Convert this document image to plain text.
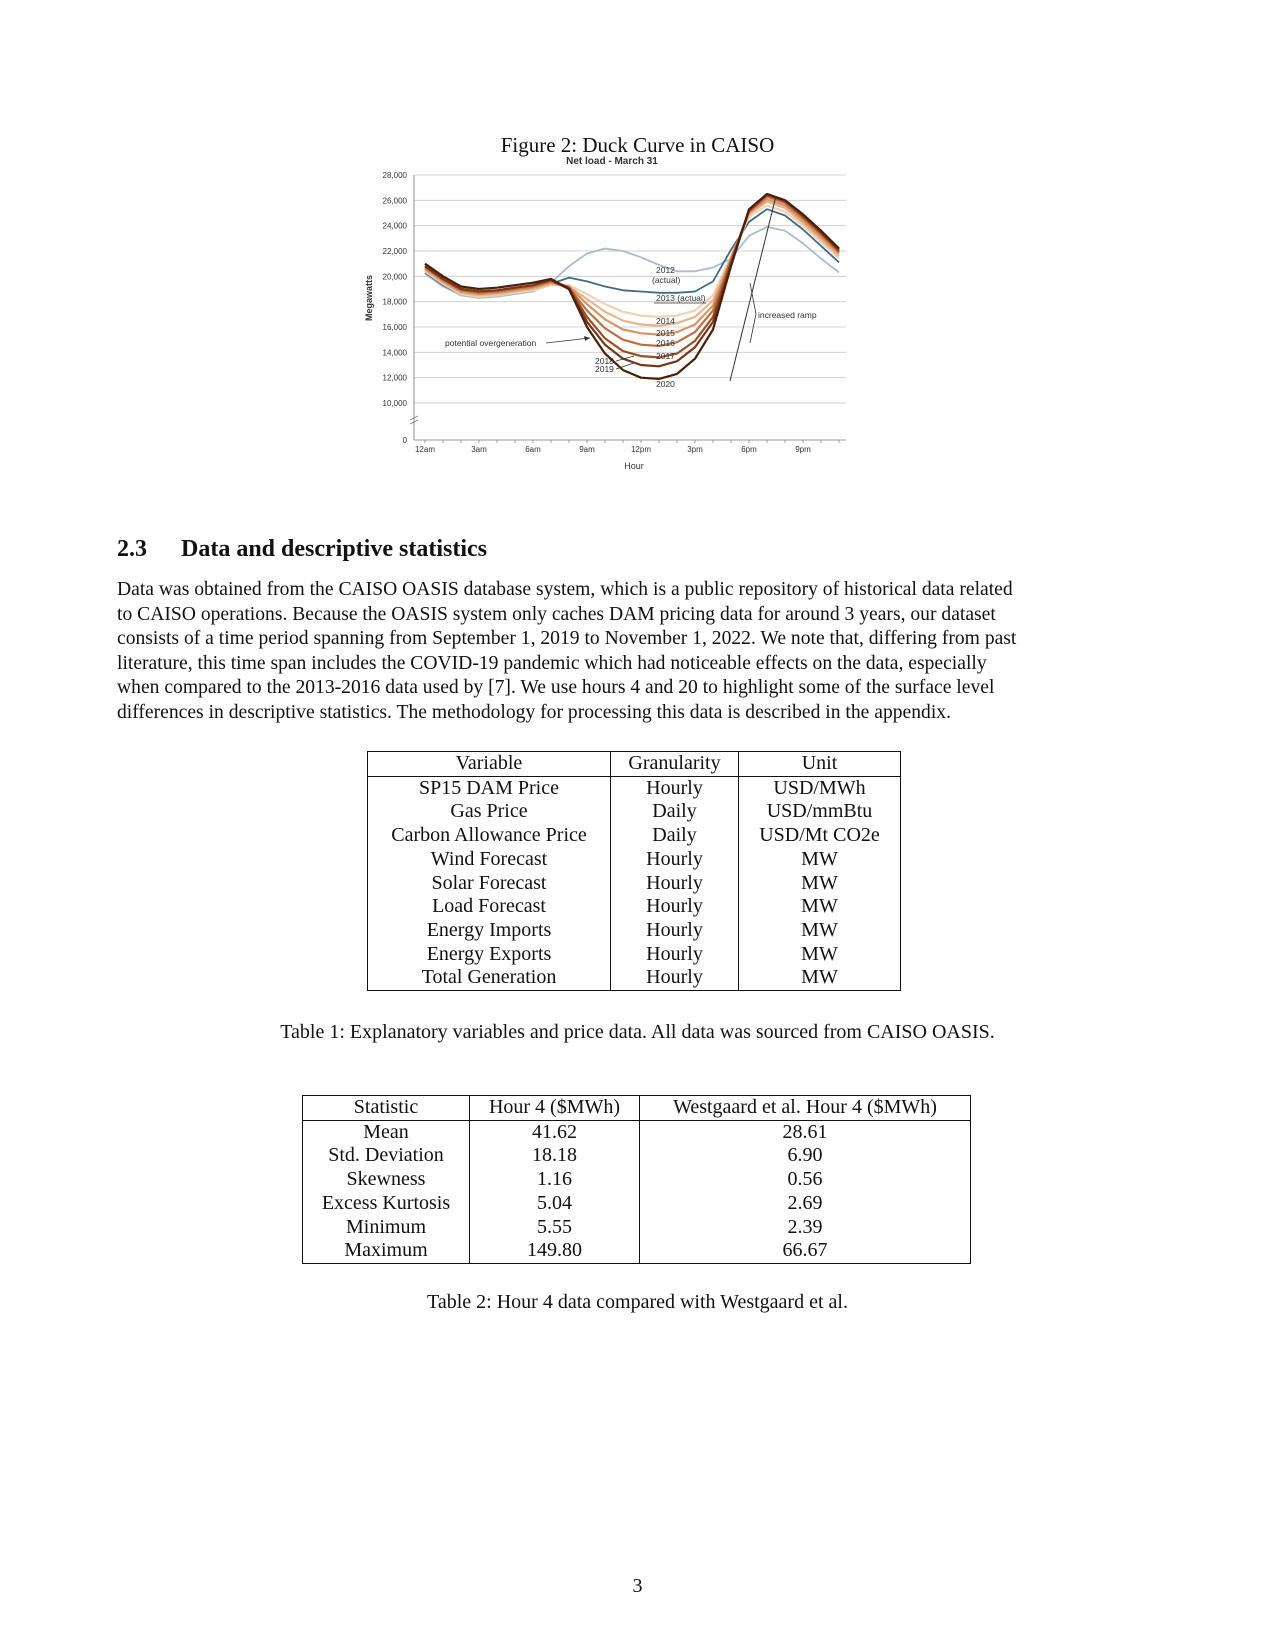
Figure 2: Duck Curve in CAISO
28,000
26,000
24,000
22,000
20,000
18,000
16,000
14,000
12,000
10,000
0
12am	3am	6am	9am	12pm	3pm	6pm	9pm
Net load - March 31
Megawatts
Hour
2012
(actual)
2013 (actual)
2014
2015
2016
2017
2018
2019
2020
potential overgeneration
increased ramp
2.3 Data and descriptive statistics
Data was obtained from the CAISO OASIS database system, which is a public repository of historical data related
to CAISO operations. Because the OASIS system only caches DAM pricing data for around 3 years, our dataset
consists of a time period spanning from September 1, 2019 to November 1, 2022. We note that, differing from past
literature, this time span includes the COVID-19 pandemic which had noticeable effects on the data, especially
when compared to the 2013-2016 data used by [7]. We use hours 4 and 20 to highlight some of the surface level
differences in descriptive statistics. The methodology for processing this data is described in the appendix.
Variable	Granularity	Unit
SP15 DAM Price	Hourly	USD/MWh
Gas Price	Daily	USD/mmBtu
Carbon Allowance Price	Daily	USD/Mt CO2e
Wind Forecast	Hourly	MW
Solar Forecast	Hourly	MW
Load Forecast	Hourly	MW
Energy Imports	Hourly	MW
Energy Exports	Hourly	MW
Total Generation	Hourly	MW
Table 1: Explanatory variables and price data. All data was sourced from CAISO OASIS.
Statistic	Hour 4 ($MWh)	Westgaard et al. Hour 4 ($MWh)
Mean	41.62	28.61
Std. Deviation	18.18	6.90
Skewness	1.16	0.56
Excess Kurtosis	5.04	2.69
Minimum	5.55	2.39
Maximum	149.80	66.67
Table 2: Hour 4 data compared with Westgaard et al.
3
